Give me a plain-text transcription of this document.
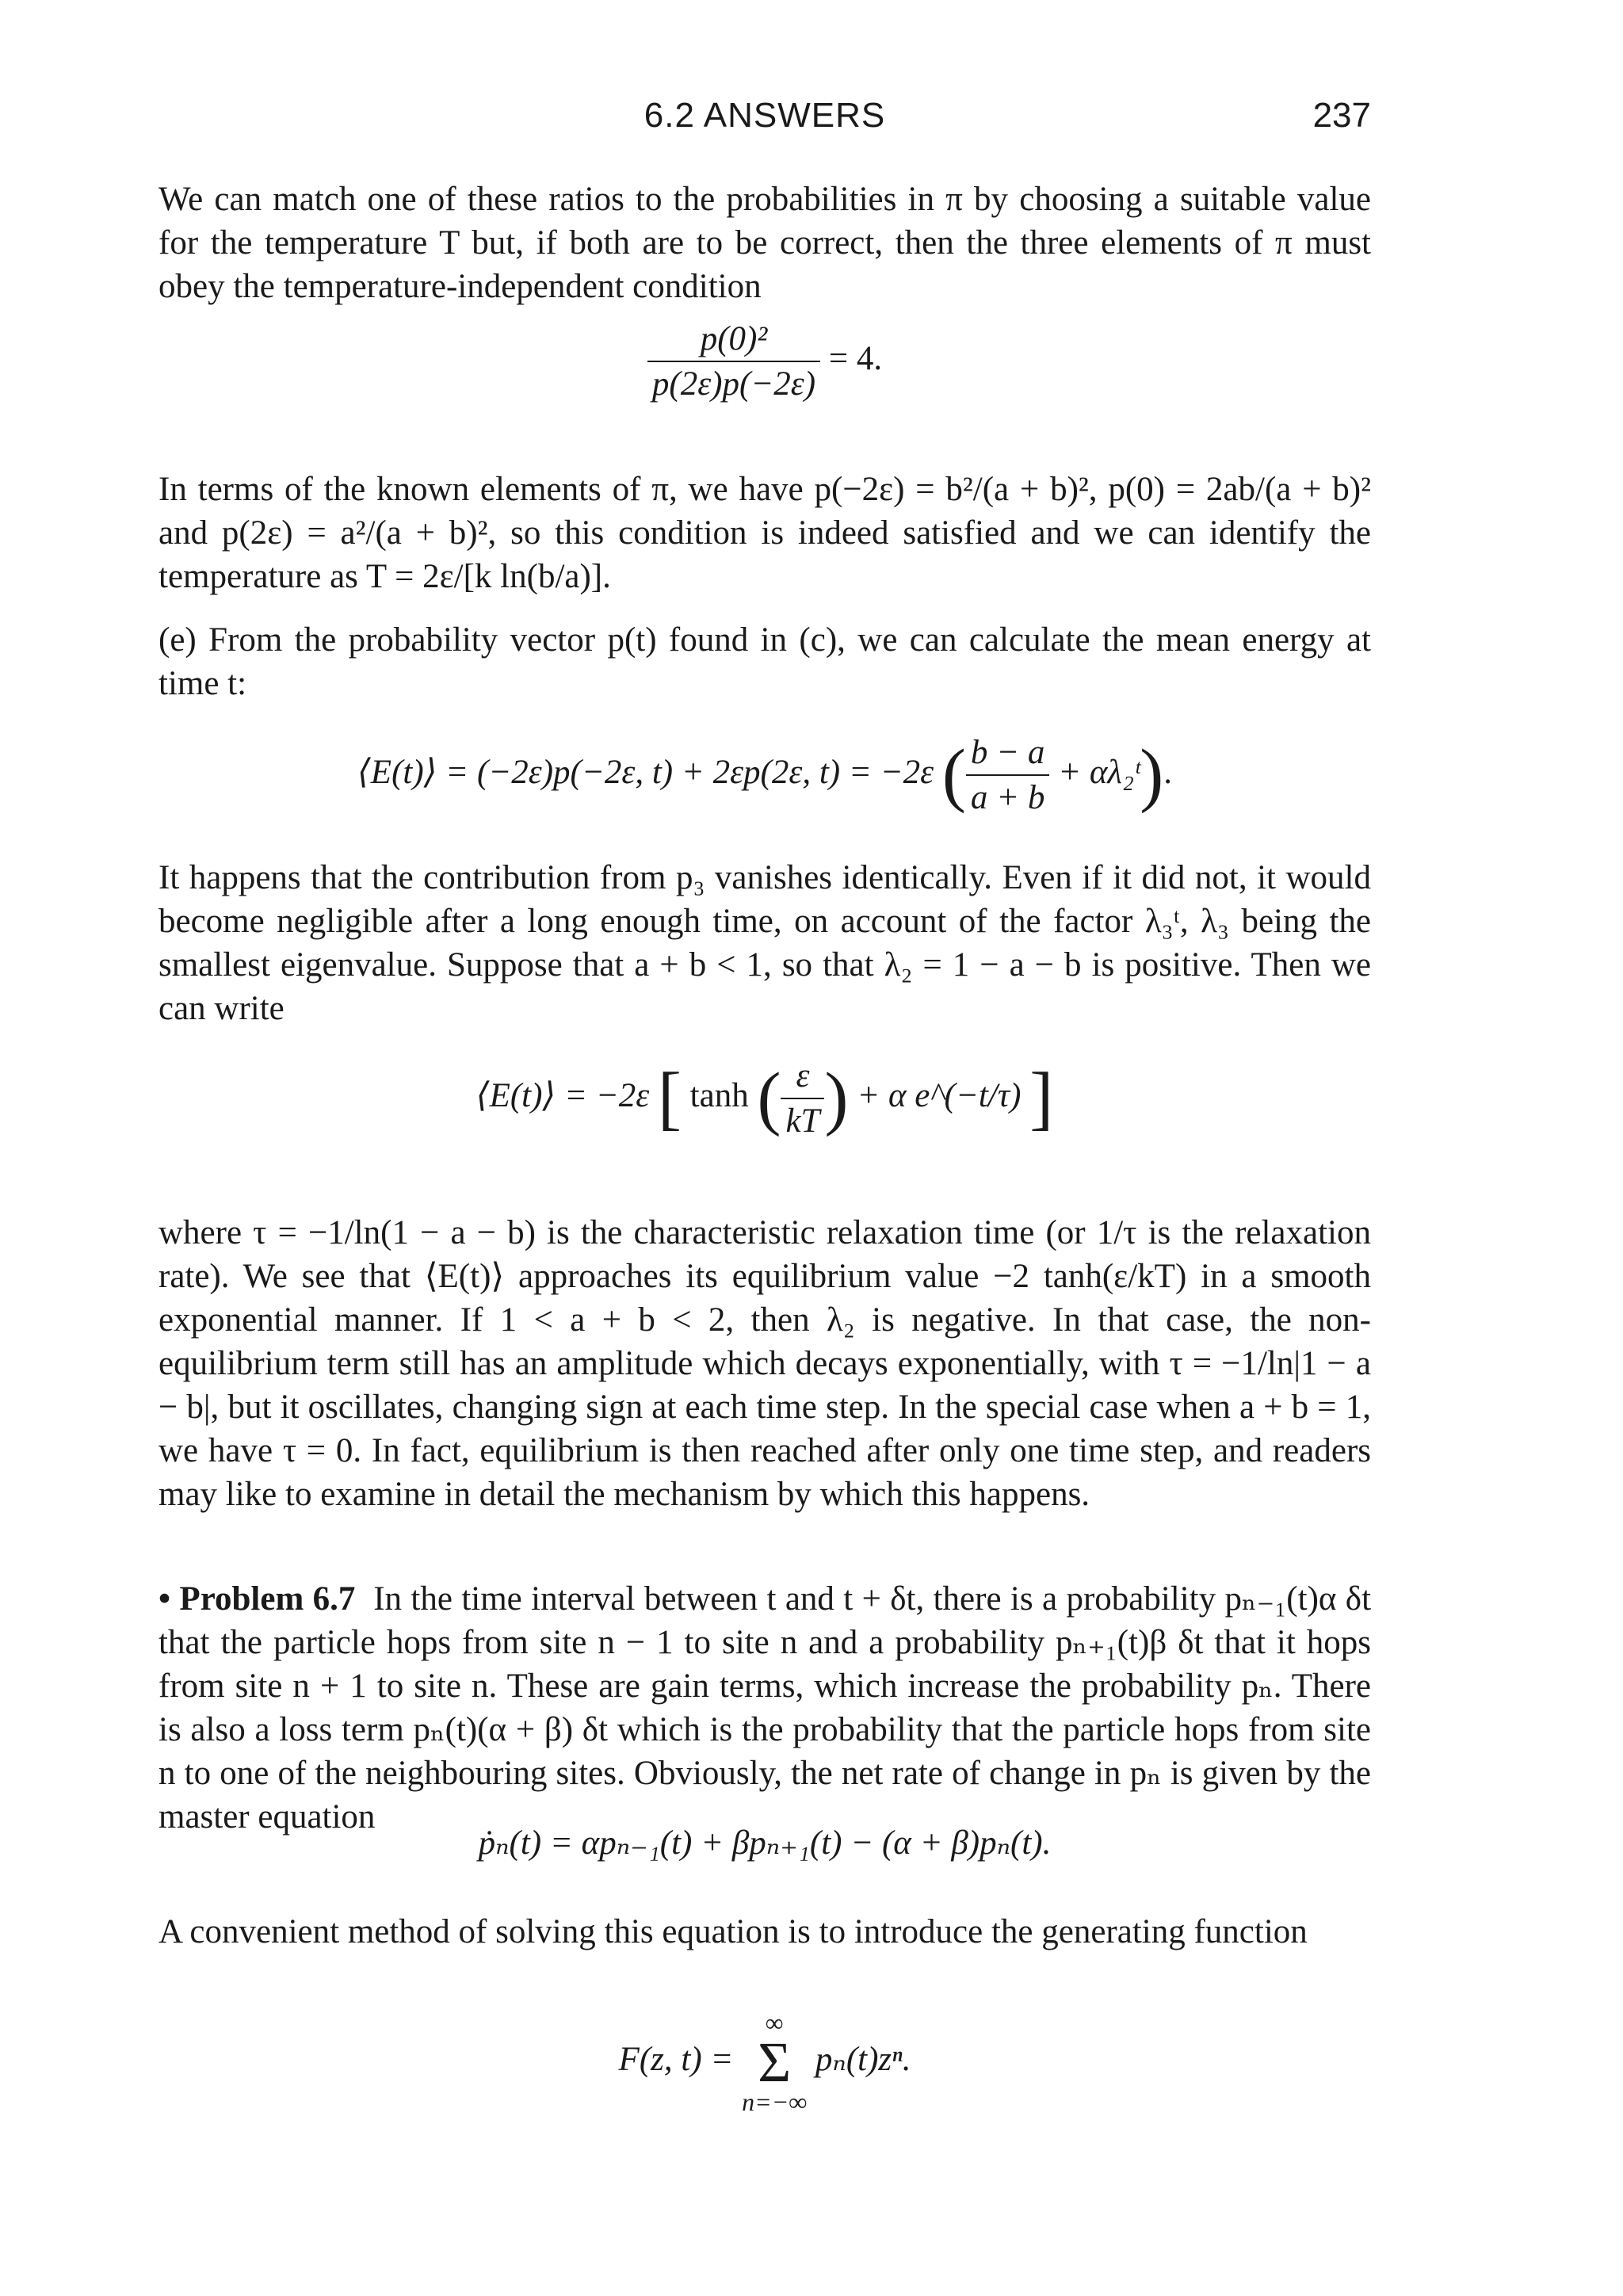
6.2 ANSWERS	237

We can match one of these ratios to the probabilities in π by choosing a suitable value for the temperature T but, if both are to be correct, then the three elements of π must obey the temperature-independent condition

$\frac{\text{p(0)²}}{p(2\varepsilon)p(-2\varepsilon)} = 4$.

In terms of the known elements of π, we have p(−2ε) = b²/(a + b)², p(0) = 2ab/(a + b)² and p(2ε) = a²/(a + b)², so this condition is indeed satisfied and we can identify the temperature as T = 2ε/[k ln(b/a)].

(e) From the probability vector p(t) found in (c), we can calculate the mean energy at time t:

⟨E(t)⟩ = (−2ε)p(−2ε, t) + 2εp(2ε, t) = −2ε ( $\frac{b - a}{a + b}$ + αλ₂ᵗ).

It happens that the contribution from p₃ vanishes identically. Even if it did not, it would become negligible after a long enough time, on account of the factor λ₃ᵗ, λ₃ being the smallest eigenvalue. Suppose that a + b < 1, so that λ₂ = 1 − a − b is positive. Then we can write

⟨E(t)⟩ = −2ε [ tanh ( $\frac{\varepsilon}{kT}$ ) + α e^(−t/τ) ]

where τ = −1/ln(1 − a − b) is the characteristic relaxation time (or 1/τ is the relaxation rate). We see that ⟨E(t)⟩ approaches its equilibrium value −2 tanh(ε/kT) in a smooth exponential manner. If 1 < a + b < 2, then λ₂ is negative. In that case, the non-equilibrium term still has an amplitude which decays exponentially, with τ = −1/ln|1 − a − b|, but it oscillates, changing sign at each time step. In the special case when a + b = 1, we have τ = 0. In fact, equilibrium is then reached after only one time step, and readers may like to examine in detail the mechanism by which this happens.

• Problem 6.7 In the time interval between t and t + δt, there is a probability pₙ₋₁(t)α δt that the particle hops from site n − 1 to site n and a probability pₙ₊₁(t)β δt that it hops from site n + 1 to site n. These are gain terms, which increase the probability pₙ. There is also a loss term pₙ(t)(α + β) δt which is the probability that the particle hops from site n to one of the neighbouring sites. Obviously, the net rate of change in pₙ is given by the master equation

ṗₙ(t) = αpₙ₋₁(t) + βpₙ₊₁(t) − (α + β)pₙ(t).

A convenient method of solving this equation is to introduce the generating function

F(z, t) =
∞
Σ
n=−∞
pₙ(t)zⁿ.
